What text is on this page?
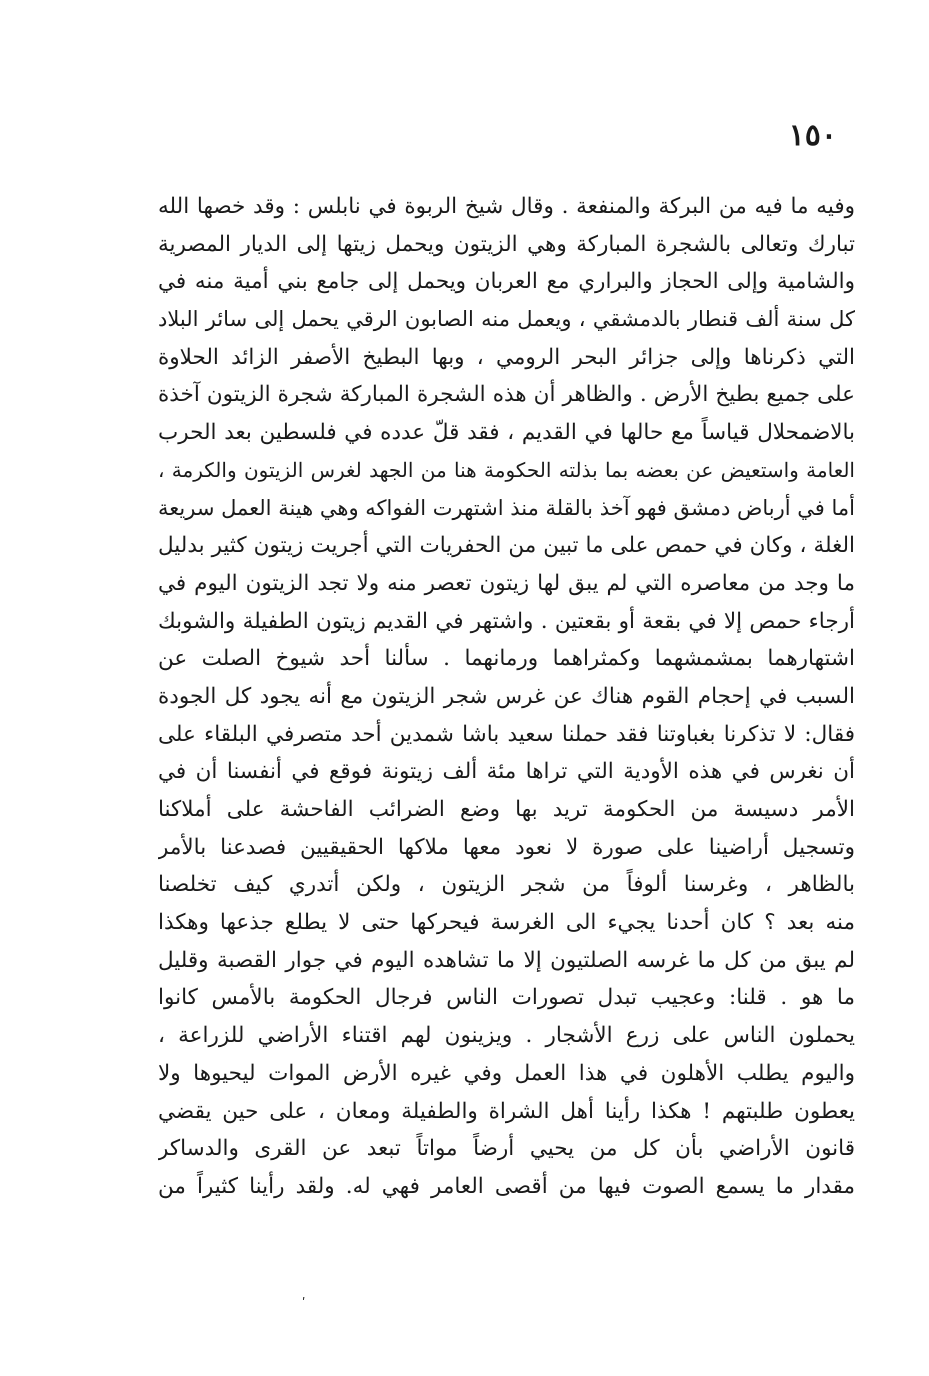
١٥٠
وفيه ما فيه من البركة والمنفعة . وقال شيخ الربوة في نابلس : وقد خصها الله
تبارك وتعالى بالشجرة المباركة وهي الزيتون ويحمل زيتها إلى الديار المصرية
والشامية وإلى الحجاز والبراري مع العربان ويحمل إلى جامع بني أمية منه في
كل سنة ألف قنطار بالدمشقي ، ويعمل منه الصابون الرقي يحمل إلى سائر البلاد
التي ذكرناها وإلى جزائر البحر الرومي ، وبها البطيخ الأصفر الزائد الحلاوة
على جميع بطيخ الأرض . والظاهر أن هذه الشجرة المباركة شجرة الزيتون آخذة
بالاضمحلال قياساً مع حالها في القديم ، فقد قلّ عدده في فلسطين بعد الحرب
العامة واستعيض عن بعضه بما بذلته الحكومة هنا من الجهد لغرس الزيتون والكرمة ،
أما في أرباض دمشق فهو آخذ بالقلة منذ اشتهرت الفواكه وهي هينة العمل سريعة
الغلة ، وكان في حمص على ما تبين من الحفريات التي أجريت زيتون كثير بدليل
ما وجد من معاصره التي لم يبق لها زيتون تعصر منه ولا تجد الزيتون اليوم في
أرجاء حمص إلا في بقعة أو بقعتين . واشتهر في القديم زيتون الطفيلة والشوبك
اشتهارهما بمشمشهما وكمثراهما ورمانهما . سألنا أحد شيوخ الصلت عن
السبب في إحجام القوم هناك عن غرس شجر الزيتون مع أنه يجود كل الجودة
فقال: لا تذكرنا بغباوتنا فقد حملنا سعيد باشا شمدين أحد متصرفي البلقاء على
أن نغرس في هذه الأودية التي تراها مئة ألف زيتونة فوقع في أنفسنا أن في
الأمر دسيسة من الحكومة تريد بها وضع الضرائب الفاحشة على أملاكنا
وتسجيل أراضينا على صورة لا نعود معها ملاكها الحقيقيين فصدعنا بالأمر
بالظاهر ، وغرسنا ألوفاً من شجر الزيتون ، ولكن أتدري كيف تخلصنا
منه بعد ؟ كان أحدنا يجيء الى الغرسة فيحركها حتى لا يطلع جذعها وهكذا
لم يبق من كل ما غرسه الصلتيون إلا ما تشاهده اليوم في جوار القصبة وقليل
ما هو . قلنا: وعجيب تبدل تصورات الناس فرجال الحكومة بالأمس كانوا
يحملون الناس على زرع الأشجار . ويزينون لهم اقتناء الأراضي للزراعة ،
واليوم يطلب الأهلون في هذا العمل وفي غيره الأرض الموات ليحيوها ولا
يعطون طلبتهم ! هكذا رأينا أهل الشراة والطفيلة ومعان ، على حين يقضي
قانون الأراضي بأن كل من يحيي أرضاً مواتاً تبعد عن القرى والدساكر
مقدار ما يسمع الصوت فيها من أقصى العامر فهي له. ولقد رأينا كثيراً من
ʹ
